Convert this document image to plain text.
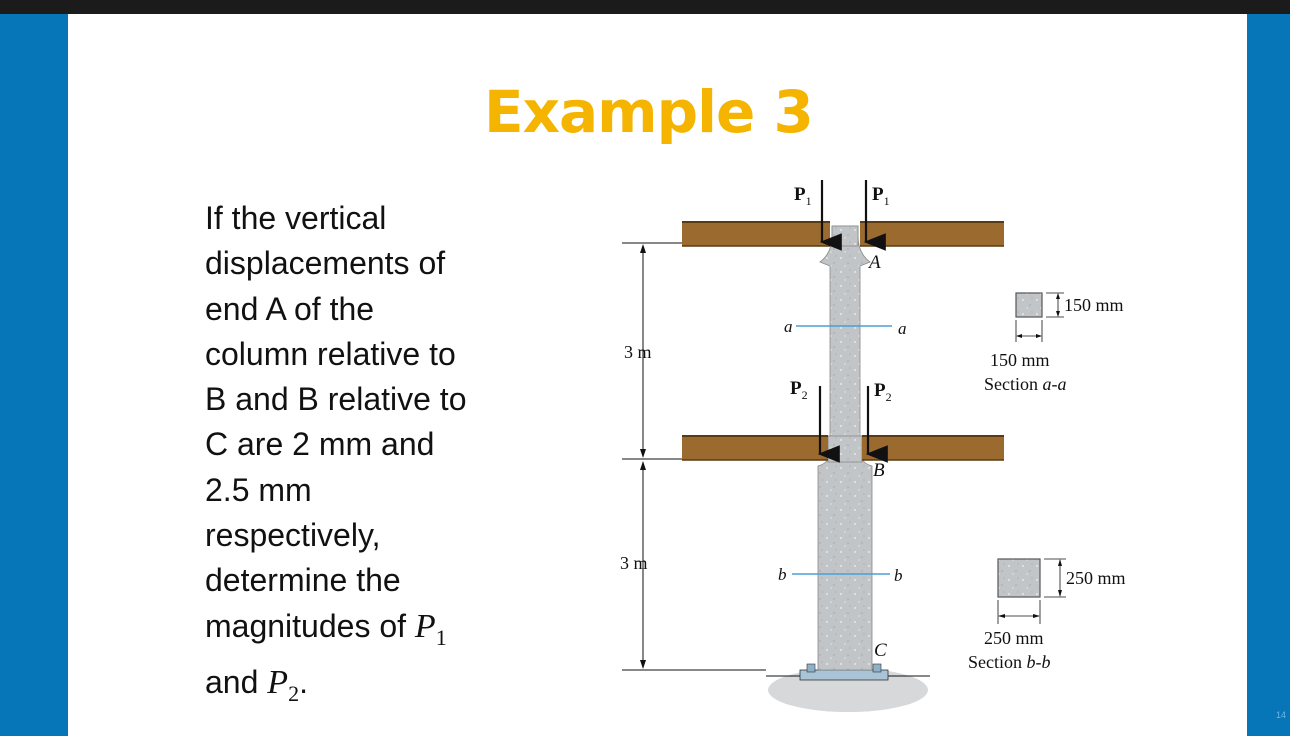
Example 3
If the vertical
displacements of
end A of the
column relative to
B and B relative to
C are 2 mm and
2.5 mm
respectively,
determine the
magnitudes of $P_1$
and $P_2$.
$P_1$	$P_1$
$P_2$	$P_2$
A
B
C
a	a
b	b
3 m
3 m
150 mm
150 mm
Section a-a
250 mm
250 mm
Section b-b
14
